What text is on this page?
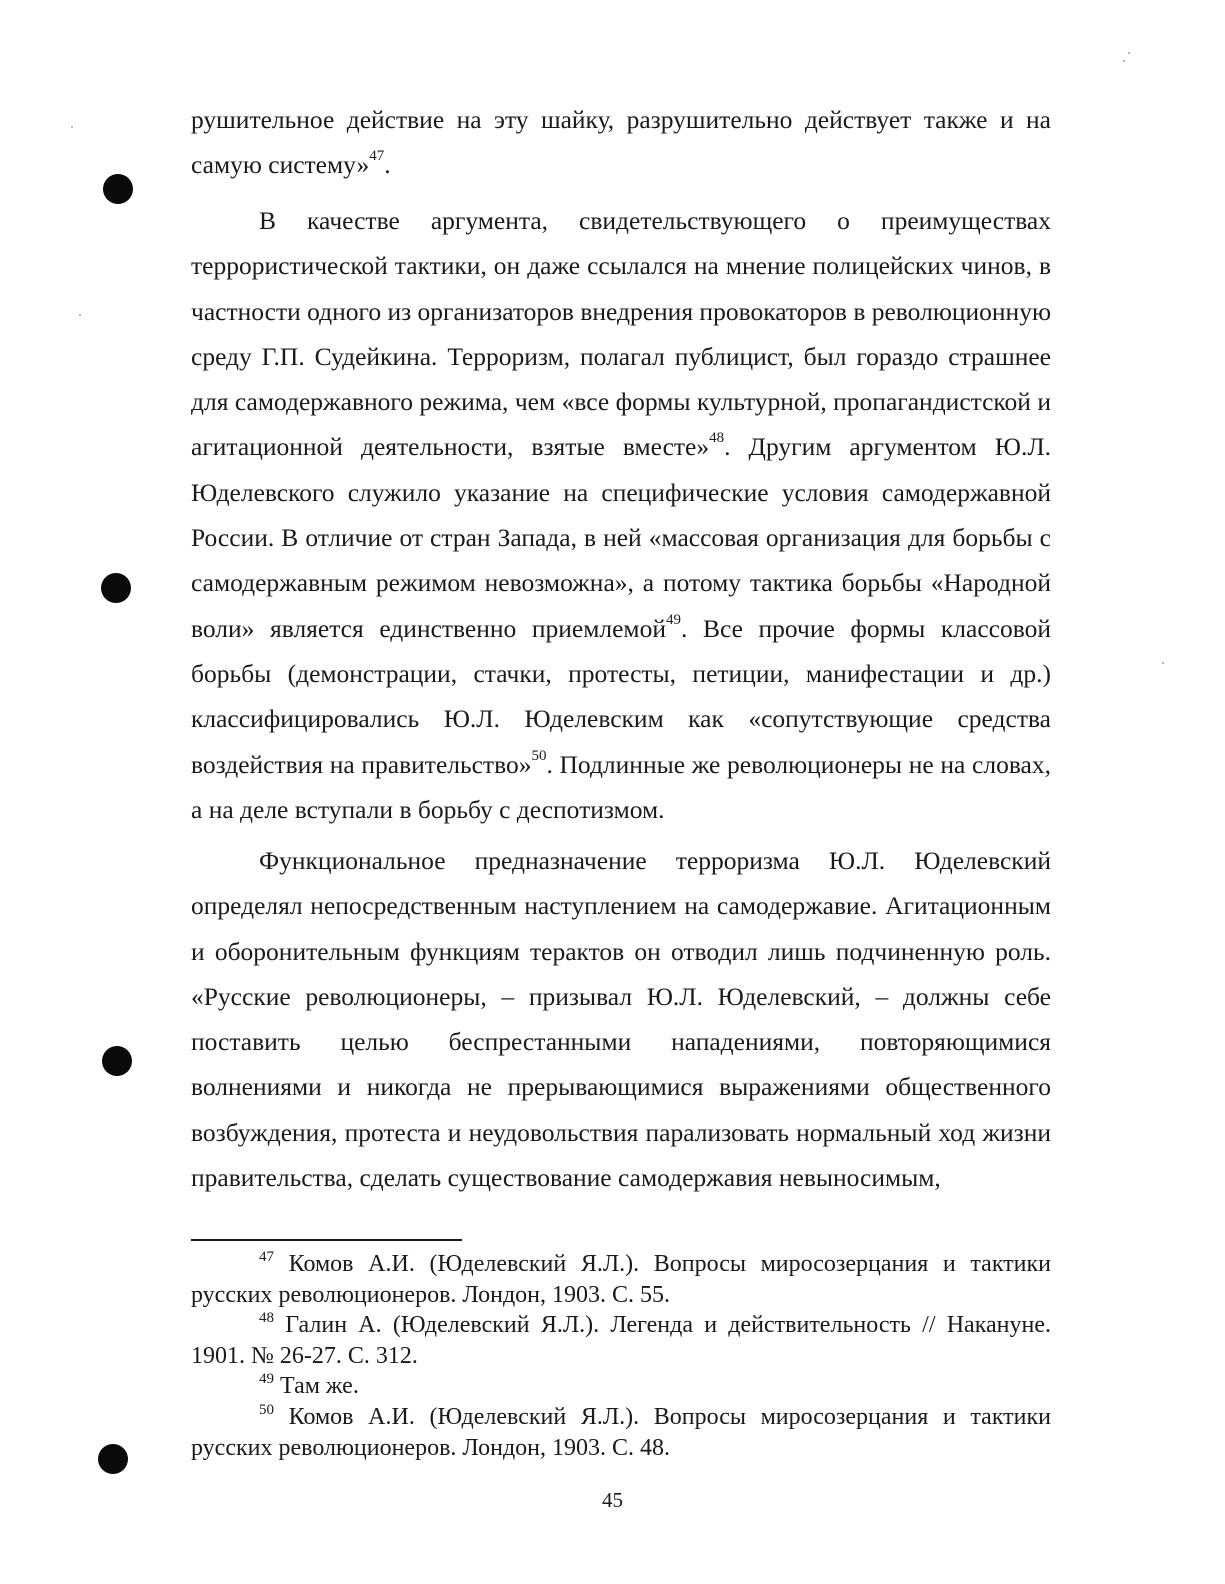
рушительное действие на эту шайку, разрушительно действует также и на самую систему»$^{47}$.

В качестве аргумента, свидетельствующего о преимуществах террористической тактики, он даже ссылался на мнение полицейских чинов, в частности одного из организаторов внедрения провокаторов в революционную среду Г.П. Судейкина. Терроризм, полагал публицист, был гораздо страшнее для самодержавного режима, чем «все формы культурной, пропагандистской и агитационной деятельности, взятые вместе»$^{48}$. Другим аргументом Ю.Л. Юделевского служило указание на специфические условия самодержавной России. В отличие от стран Запада, в ней «массовая организация для борьбы с самодержавным режимом невозможна», а потому тактика борьбы «Народной воли» является единственно приемлемой$^{49}$. Все прочие формы классовой борьбы (демонстрации, стачки, протесты, петиции, манифестации и др.) классифицировались Ю.Л. Юделевским как «сопутствующие средства воздействия на правительство»$^{50}$. Подлинные же революционеры не на словах, а на деле вступали в борьбу с деспотизмом.

Функциональное предназначение терроризма Ю.Л. Юделевский определял непосредственным наступлением на самодержавие. Агитационным и оборонительным функциям терактов он отводил лишь подчиненную роль. «Русские революционеры, – призывал Ю.Л. Юделевский, – должны себе поставить целью беспрестанными нападениями, повторяющимися волнениями и никогда не прерывающимися выражениями общественного возбуждения, протеста и неудовольствия парализовать нормальный ход жизни правительства, сделать существование самодержавия невыносимым,

$^{47}$ Комов А.И. (Юделевский Я.Л.). Вопросы миросозерцания и тактики русских революционеров. Лондон, 1903. С. 55.

$^{48}$ Галин А. (Юделевский Я.Л.). Легенда и действительность // Накануне. 1901. № 26-27. С. 312.

$^{49}$ Там же.

$^{50}$ Комов А.И. (Юделевский Я.Л.). Вопросы миросозерцания и тактики русских революционеров. Лондон, 1903. С. 48.

45
